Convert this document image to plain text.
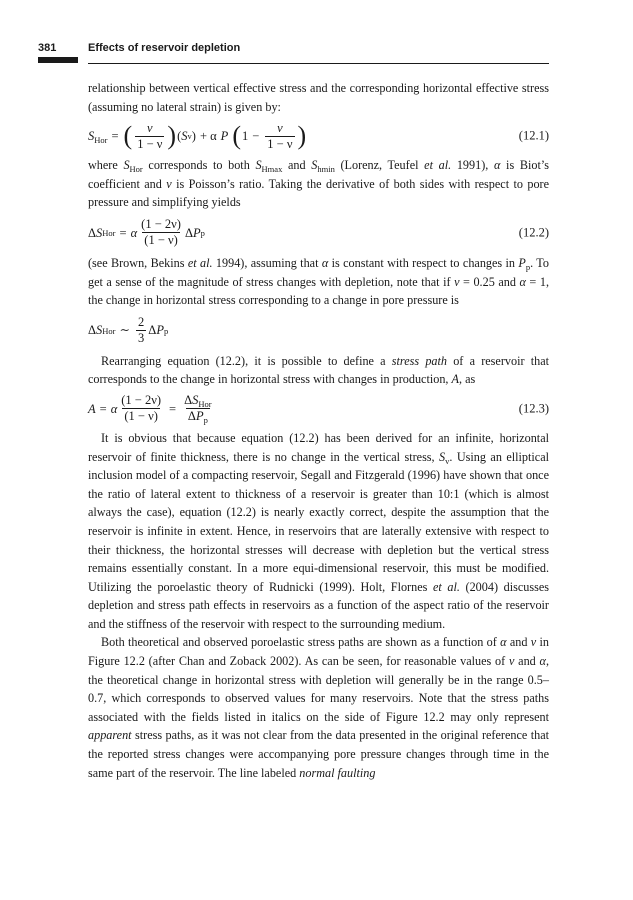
381	Effects of reservoir depletion

relationship between vertical effective stress and the corresponding horizontal effective stress (assuming no lateral strain) is given by:

$S_{Hor}$ = ( $\frac{\nu}{1 - \nu}$ ) ( S v ) + α P ( $1 - \frac{\nu}{1 - \nu}$ )	(12.1)

where $S_{Hor}$ corresponds to both $S_{Hmax}$ and $S_{hmin}$ (Lorenz, Teufel et al. 1991), α is Biot’s coefficient and ν is Poisson’s ratio. Taking the derivative of both sides with respect to pore pressure and simplifying yields

Δ S Hor = α $\frac{(1 - 2\nu)}{(1 - \nu)}$ Δ P p	(12.2)

(see Brown, Bekins et al. 1994), assuming that α is constant with respect to changes in $P_p$. To get a sense of the magnitude of stress changes with depletion, note that if ν = 0.25 and α = 1, the change in horizontal stress corresponding to a change in pore pressure is

Δ S Hor ∼ $\frac{2}{3}$ Δ P p

Rearranging equation (12.2), it is possible to define a stress path of a reservoir that corresponds to the change in horizontal stress with changes in production, A, as

A = α $\frac{(1 - 2\nu)}{(1 - \nu)} = \frac{\Delta S_{Hor}}{\Delta P_p}$	(12.3)

It is obvious that because equation (12.2) has been derived for an infinite, horizontal reservoir of finite thickness, there is no change in the vertical stress, $S_v$. Using an elliptical inclusion model of a compacting reservoir, Segall and Fitzgerald (1996) have shown that once the ratio of lateral extent to thickness of a reservoir is greater than 10:1 (which is almost always the case), equation (12.2) is nearly exactly correct, despite the assumption that the reservoir is infinite in extent. Hence, in reservoirs that are laterally extensive with respect to their thickness, the horizontal stresses will decrease with depletion but the vertical stress remains essentially constant. In a more equi-dimensional reservoir, this must be modified. Utilizing the poroelastic theory of Rudnicki (1999). Holt, Flornes et al. (2004) discusses depletion and stress path effects in reservoirs as a function of the aspect ratio of the reservoir and the stiffness of the reservoir with respect to the surrounding medium.

Both theoretical and observed poroelastic stress paths are shown as a function of α and ν in Figure 12.2 (after Chan and Zoback 2002). As can be seen, for reasonable values of ν and α, the theoretical change in horizontal stress with depletion will generally be in the range 0.5–0.7, which corresponds to observed values for many reservoirs. Note that the stress paths associated with the fields listed in italics on the side of Figure 12.2 may only represent apparent stress paths, as it was not clear from the data presented in the original reference that the reported stress changes were accompanying pore pressure changes through time in the same part of the reservoir. The line labeled normal faulting
